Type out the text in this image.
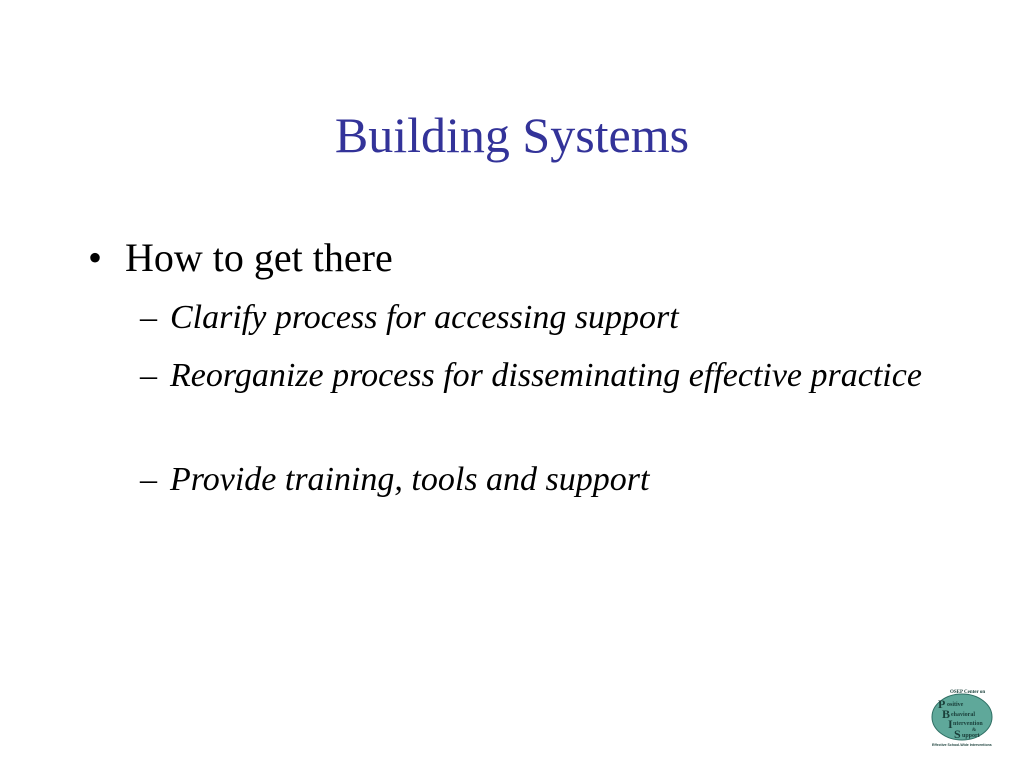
Building Systems
• How to get there
– Clarify process for accessing support
– Reorganize process for disseminating effective practice
– Provide training, tools and support
OSEP Center on
P ositive
B ehavioral
I ntervention
&
S upport
Effective School-Wide Interventions
